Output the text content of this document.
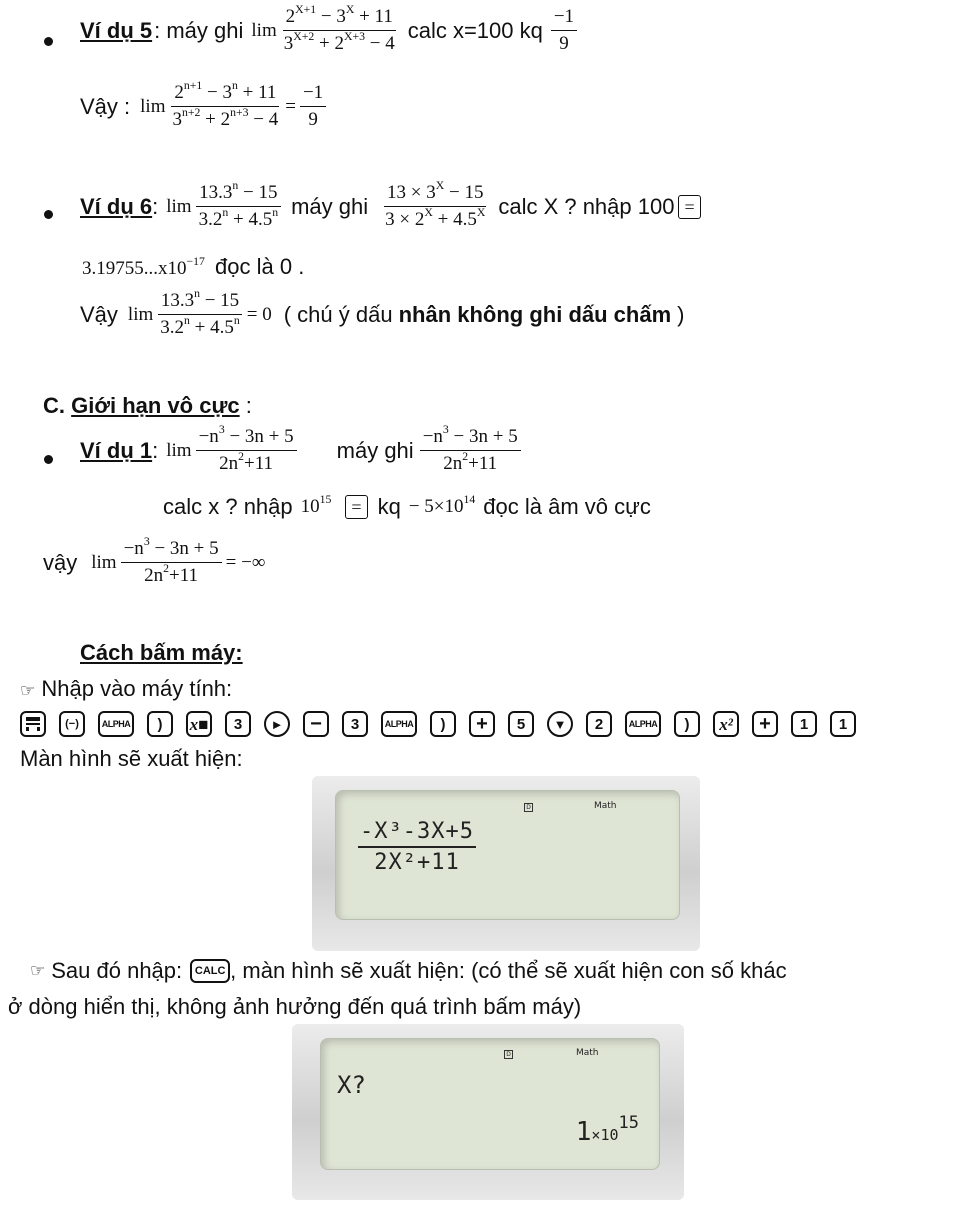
Ví dụ 5 : máy ghi $\lim \frac{2^{X+1} - 3^X + 11}{3^{X+2} + 2^{X+3} - 4}$ calc x=100 kq $\frac{-1}{9}$
Vậy : $\lim \frac{2^{n+1} - 3^n + 11}{3^{n+2} + 2^{n+3} - 4} = \frac{-1}{9}$
Ví dụ 6 : $\lim \frac{13.3^n - 15}{3.2^n + 4.5^n}$ máy ghi $\frac{13 \times 3^X - 15}{3 \times 2^X + 4.5^X}$ calc X ? nhập 100 =
$3.19755...x10^{-17}$ đọc là 0 .
Vậy $\lim \frac{13.3^n - 15}{3.2^n + 4.5^n} = 0$ ( chú ý dấu nhân không ghi dấu chấm )
C. Giới hạn vô cực :
Ví dụ 1 : $\lim \frac{-n^3 - 3n + 5}{2n^2+11}$ máy ghi $\frac{-n^3 - 3n + 5}{2n^2+11}$
calc x ? nhập $10^{15}$	= kq − $5\times 10^{14}$ đọc là âm vô cực
vậy $\lim \frac{-n^3 - 3n + 5}{2n^2+11}$ = −∞
Cách bấm máy:
☞ Nhập vào máy tính:
(−)	ALPHA	)	x■	3	►	−	3	ALPHA	)	+	5	▼	2	ALPHA	)	x²	+	1	1
Màn hình sẽ xuất hiện:
D	Math
$\frac{\text{-X³-3X+5}}{\text{2X²+11}}$
☞ Sau đó nhập:	CALC , màn hình sẽ xuất hiện: (có thể sẽ xuất hiện con số khác
ở dòng hiển thị, không ảnh hưởng đến quá trình bấm máy)
D	Math
X?
$1\times 10^{15}$
